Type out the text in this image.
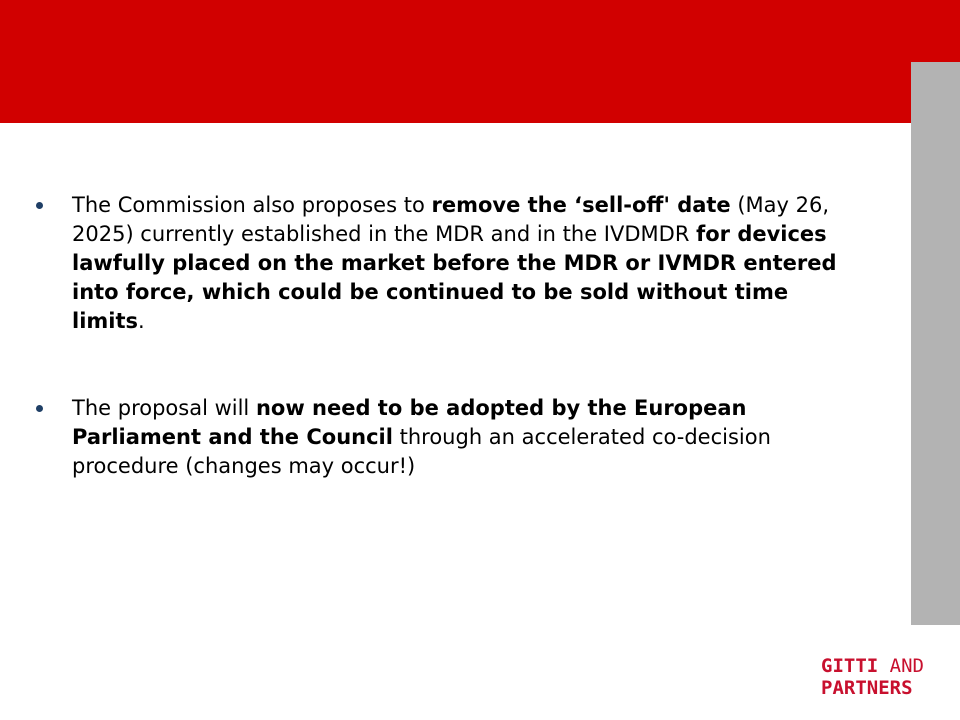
The Commission also proposes to remove the ‘sell-off' date (May 26, 2025) currently established in the MDR and in the IVDMDR for devices lawfully placed on the market before the MDR or IVMDR entered into force, which could be continued to be sold without time limits.
The proposal will now need to be adopted by the European Parliament and the Council through an accelerated co-decision procedure (changes may occur!)
GITTI AND
PARTNERS
